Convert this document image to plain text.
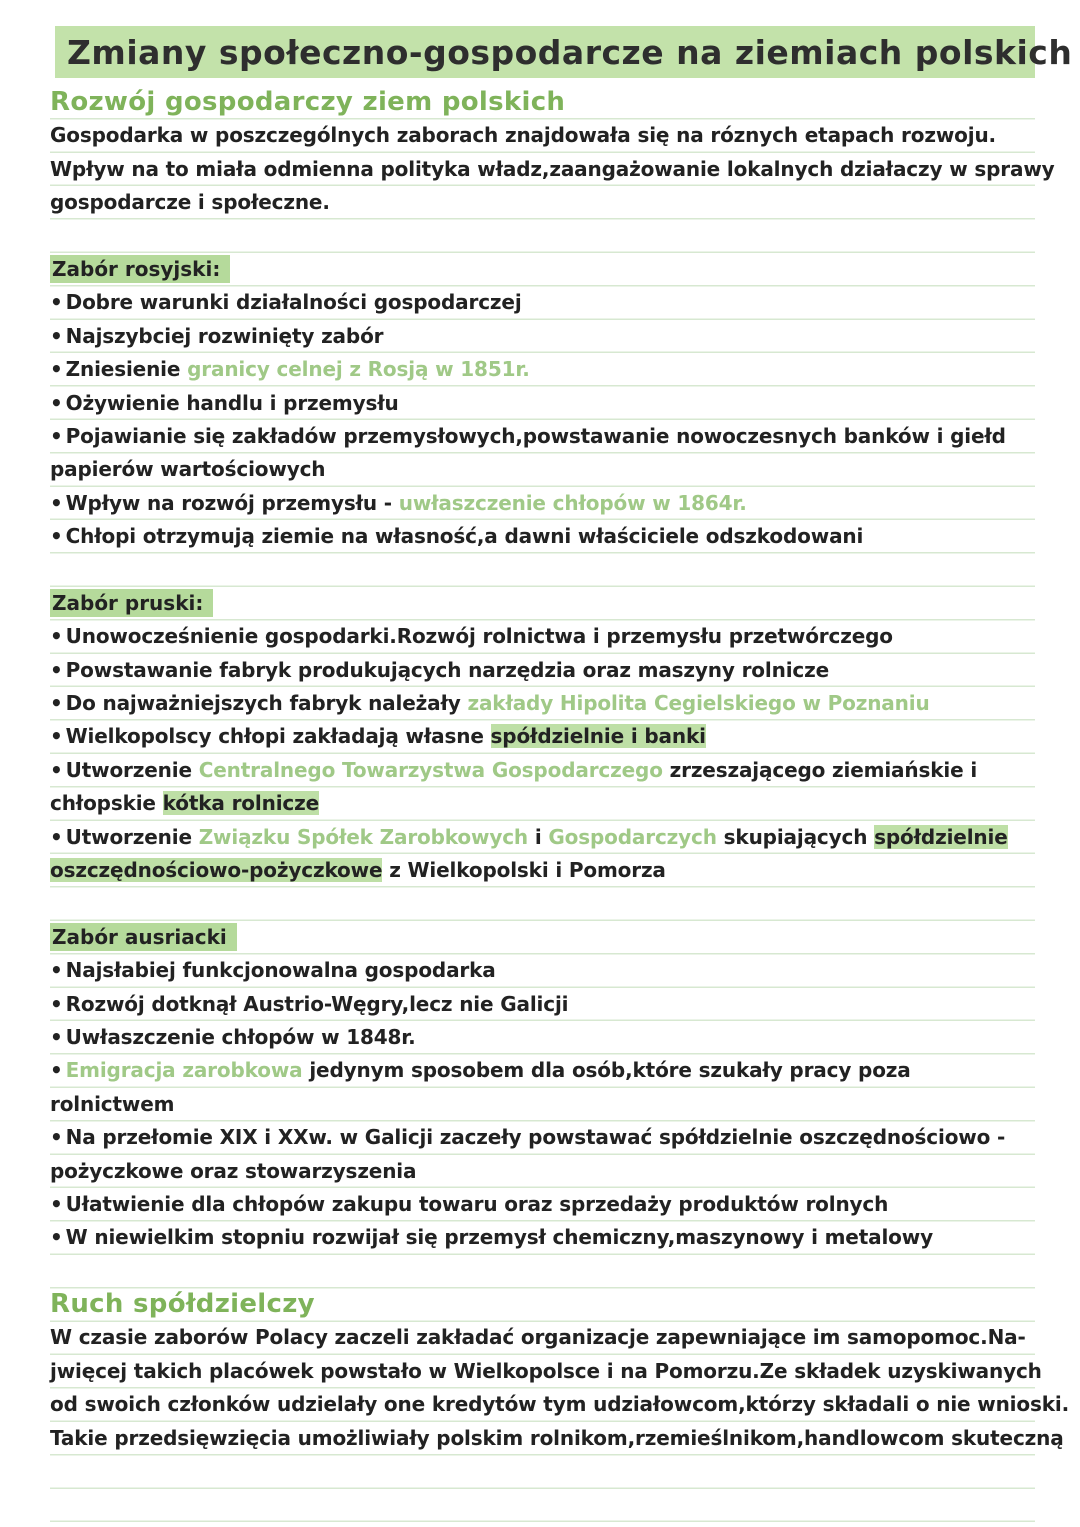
Zmiany społeczno-gospodarcze na ziemiach polskich
Rozwój gospodarczy ziem polskich
Gospodarka w poszczególnych zaborach znajdowała się na róznych etapach rozwoju.
Wpływ na to miała odmienna polityka władz,zaangażowanie lokalnych działaczy w sprawy
gospodarcze i społeczne.
Zabór rosyjski:
• Dobre warunki działalności gospodarczej
• Najszybciej rozwinięty zabór
• Zniesienie granicy celnej z Rosją w 1851r.
• Ożywienie handlu i przemysłu
• Pojawianie się zakładów przemysłowych,powstawanie nowoczesnych banków i giełd
papierów wartościowych
• Wpływ na rozwój przemysłu - uwłaszczenie chłopów w 1864r.
• Chłopi otrzymują ziemie na własność,a dawni właściciele odszkodowani
Zabór pruski:
• Unowocześnienie gospodarki.Rozwój rolnictwa i przemysłu przetwórczego
• Powstawanie fabryk produkujących narzędzia oraz maszyny rolnicze
• Do najważniejszych fabryk należały zakłady Hipolita Cegielskiego w Poznaniu
• Wielkopolscy chłopi zakładają własne spółdzielnie i banki
• Utworzenie Centralnego Towarzystwa Gospodarczego zrzeszającego ziemiańskie i
chłopskie kótka rolnicze
• Utworzenie Związku Spółek Zarobkowych i Gospodarczych skupiających spółdzielnie
oszczędnościowo-pożyczkowe z Wielkopolski i Pomorza
Zabór ausriacki
• Najsłabiej funkcjonowalna gospodarka
• Rozwój dotknął Austrio-Węgry,lecz nie Galicji
• Uwłaszczenie chłopów w 1848r.
• Emigracja zarobkowa jedynym sposobem dla osób,które szukały pracy poza
rolnictwem
• Na przełomie XIX i XXw. w Galicji zaczeły powstawać spółdzielnie oszczędnościowo -
pożyczkowe oraz stowarzyszenia
• Ułatwienie dla chłopów zakupu towaru oraz sprzedaży produktów rolnych
• W niewielkim stopniu rozwijał się przemysł chemiczny,maszynowy i metalowy
Ruch spółdzielczy
W czasie zaborów Polacy zaczeli zakładać organizacje zapewniające im samopomoc.Na-
jwięcej takich placówek powstało w Wielkopolsce i na Pomorzu.Ze składek uzyskiwanych
od swoich członków udzielały one kredytów tym udziałowcom,którzy składali o nie wnioski.
Takie przedsięwzięcia umożliwiały polskim rolnikom,rzemieślnikom,handlowcom skuteczną
